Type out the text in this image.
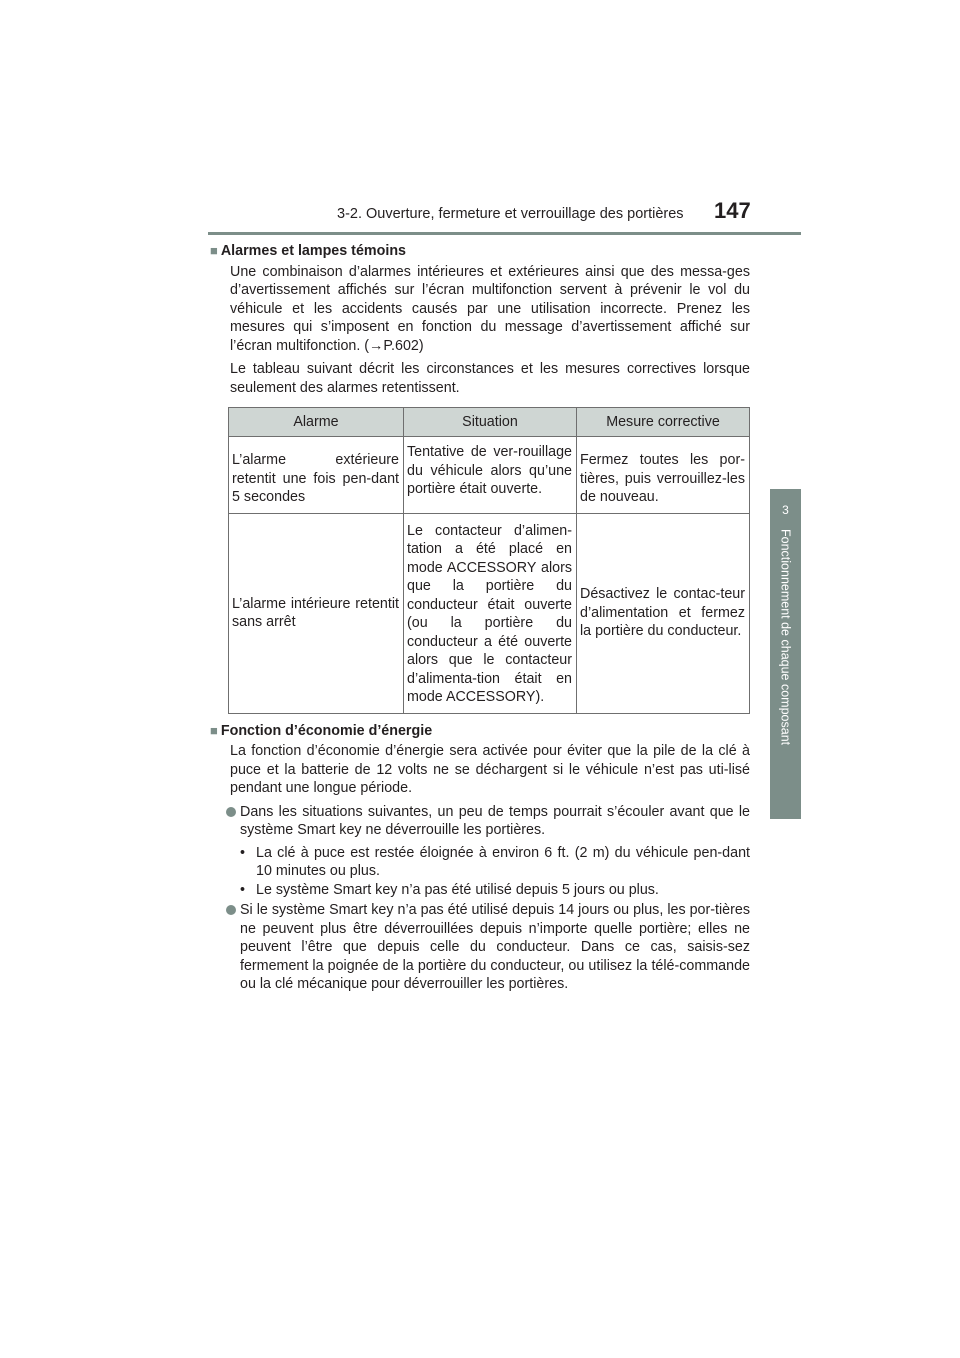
3-2. Ouverture, fermeture et verrouillage des portières 147
3
Fonctionnement de chaque composant
■ Alarmes et lampes témoins

Une combinaison d’alarmes intérieures et extérieures ainsi que des messa-ges d’avertissement affichés sur l’écran multifonction servent à prévenir le vol du véhicule et les accidents causés par une utilisation incorrecte. Prenez les mesures qui s’imposent en fonction du message d’avertissement affiché sur l’écran multifonction. (→P.602)

Le tableau suivant décrit les circonstances et les mesures correctives lorsque seulement des alarmes retentissent.

Alarme	Situation	Mesure corrective
L’alarme extérieure retentit une fois pen-dant 5 secondes	Tentative de ver-rouillage du véhicule alors qu’une portière était ouverte.	Fermez toutes les por-tières, puis verrouillez-les de nouveau.
L’alarme intérieure retentit sans arrêt	Le contacteur d’alimen-tation a été placé en mode ACCESSORY alors que la portière du conducteur était ouverte (ou la portière du conducteur a été ouverte alors que le contacteur d’alimenta-tion était en mode ACCESSORY).	Désactivez le contac-teur d’alimentation et fermez la portière du conducteur.
■ Fonction d’économie d’énergie

La fonction d’économie d’énergie sera activée pour éviter que la pile de la clé à puce et la batterie de 12 volts ne se déchargent si le véhicule n’est pas uti-lisé pendant une longue période.

Dans les situations suivantes, un peu de temps pourrait s’écouler avant que le système Smart key ne déverrouille les portières.
• La clé à puce est restée éloignée à environ 6 ft. (2 m) du véhicule pen-dant 10 minutes ou plus.
• Le système Smart key n’a pas été utilisé depuis 5 jours ou plus.
Si le système Smart key n’a pas été utilisé depuis 14 jours ou plus, les por-tières ne peuvent plus être déverrouillées depuis n’importe quelle portière; elles ne peuvent l’être que depuis celle du conducteur. Dans ce cas, saisis-sez fermement la poignée de la portière du conducteur, ou utilisez la télé-commande ou la clé mécanique pour déverrouiller les portières.
